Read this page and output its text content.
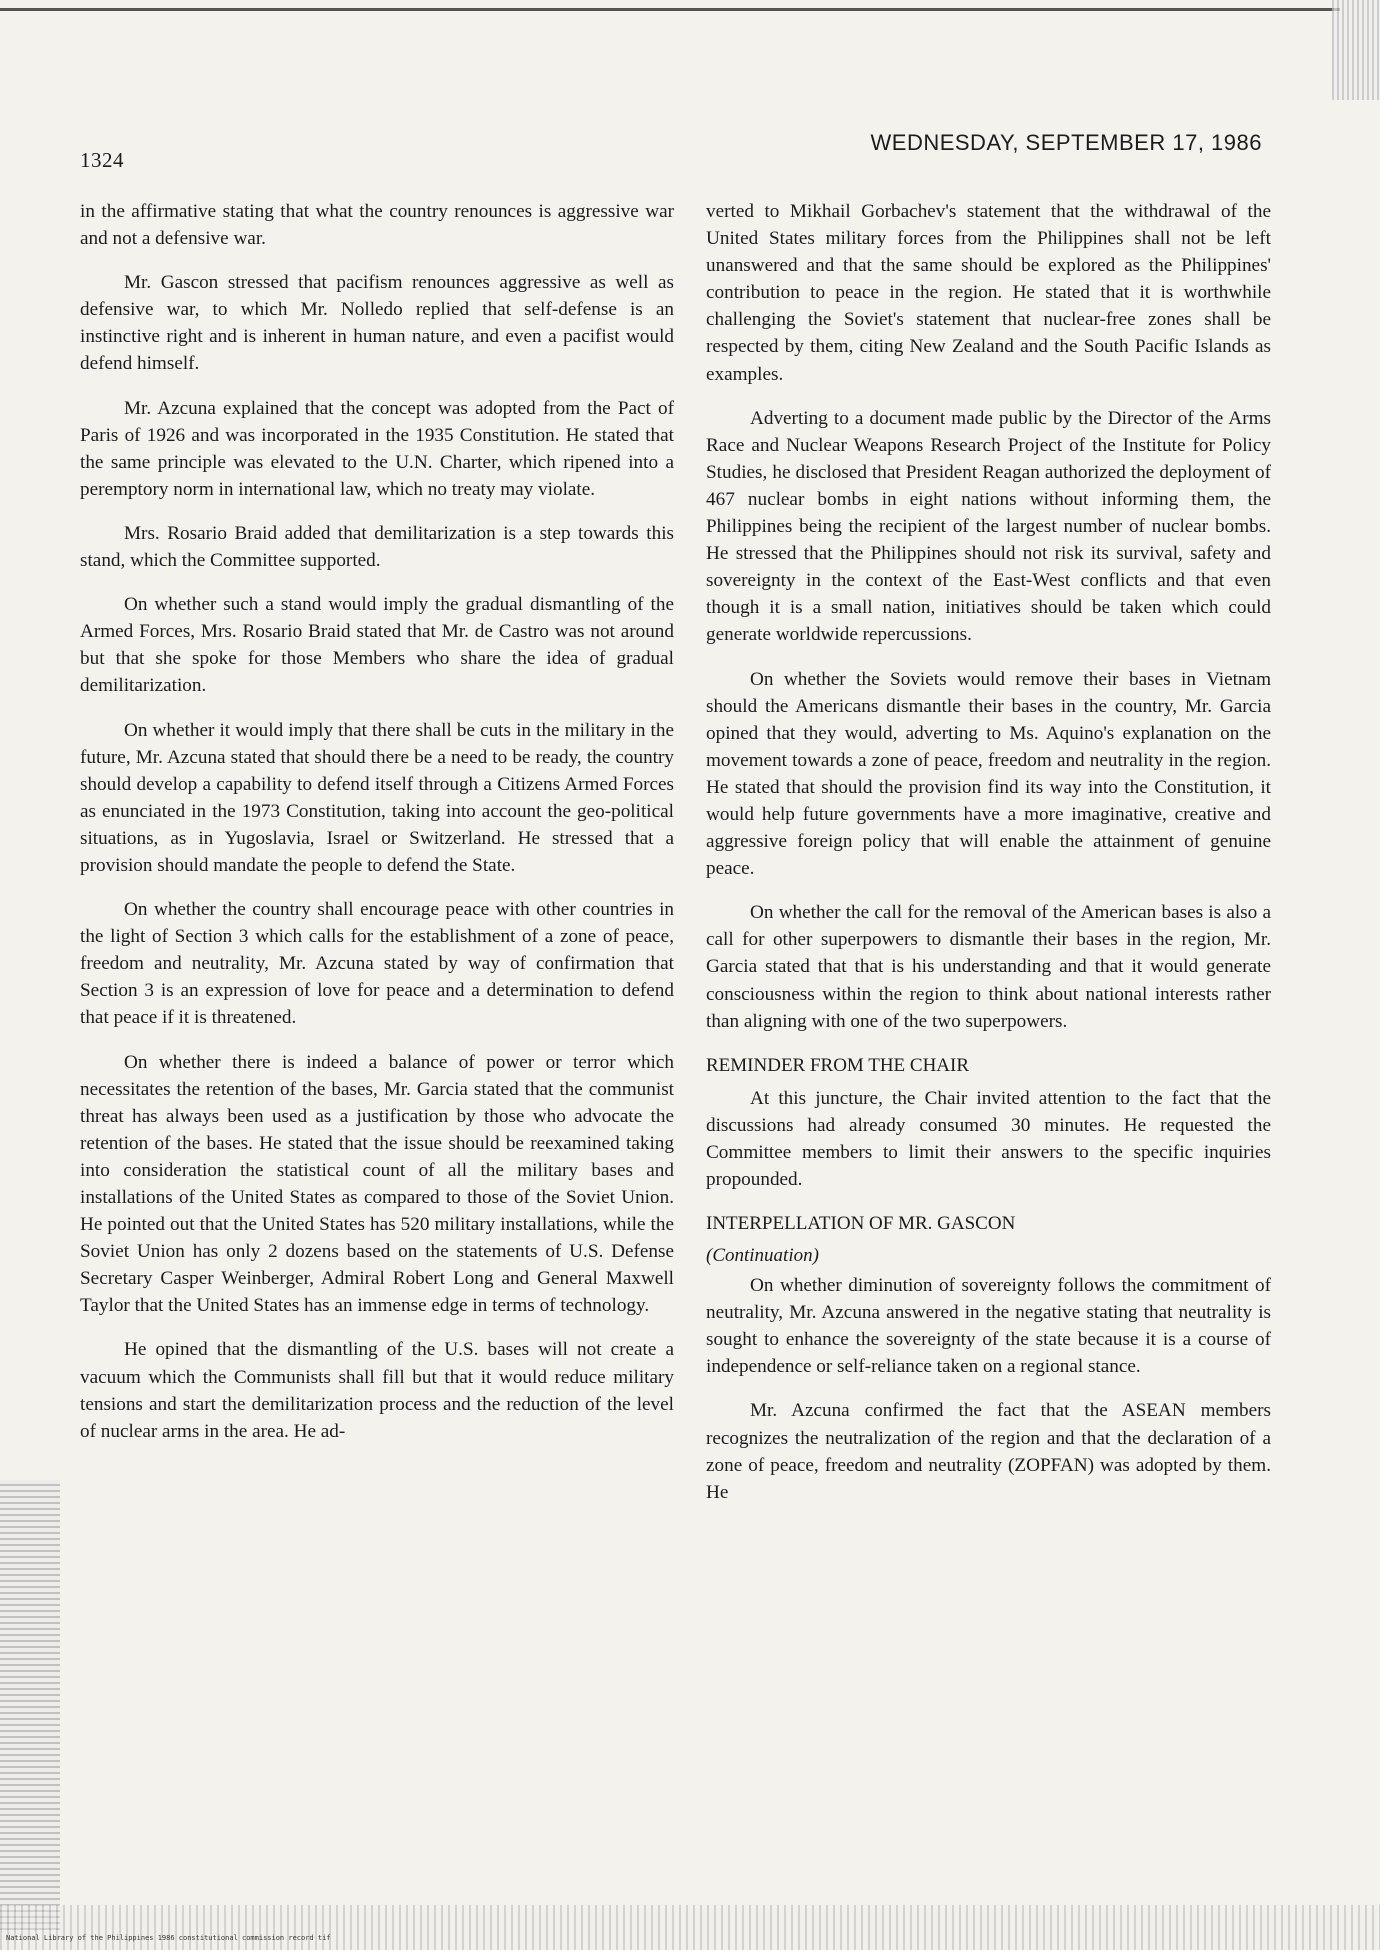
1324
WEDNESDAY, SEPTEMBER 17, 1986

in the affirmative stating that what the country renounces is aggressive war and not a defensive war.

Mr. Gascon stressed that pacifism renounces aggressive as well as defensive war, to which Mr. Nolledo replied that self-defense is an instinctive right and is inherent in human nature, and even a pacifist would defend himself.

Mr. Azcuna explained that the concept was adopted from the Pact of Paris of 1926 and was incorporated in the 1935 Constitution. He stated that the same principle was elevated to the U.N. Charter, which ripened into a peremptory norm in international law, which no treaty may violate.

Mrs. Rosario Braid added that demilitarization is a step towards this stand, which the Committee supported.

On whether such a stand would imply the gradual dismantling of the Armed Forces, Mrs. Rosario Braid stated that Mr. de Castro was not around but that she spoke for those Members who share the idea of gradual demilitarization.

On whether it would imply that there shall be cuts in the military in the future, Mr. Azcuna stated that should there be a need to be ready, the country should develop a capability to defend itself through a Citizens Armed Forces as enunciated in the 1973 Constitution, taking into account the geo-political situations, as in Yugoslavia, Israel or Switzerland. He stressed that a provision should mandate the people to defend the State.

On whether the country shall encourage peace with other countries in the light of Section 3 which calls for the establishment of a zone of peace, freedom and neutrality, Mr. Azcuna stated by way of confirmation that Section 3 is an expression of love for peace and a determination to defend that peace if it is threatened.

On whether there is indeed a balance of power or terror which necessitates the retention of the bases, Mr. Garcia stated that the communist threat has always been used as a justification by those who advocate the retention of the bases. He stated that the issue should be reexamined taking into consideration the statistical count of all the military bases and installations of the United States as compared to those of the Soviet Union. He pointed out that the United States has 520 military installations, while the Soviet Union has only 2 dozens based on the statements of U.S. Defense Secretary Casper Weinberger, Admiral Robert Long and General Maxwell Taylor that the United States has an immense edge in terms of technology.

He opined that the dismantling of the U.S. bases will not create a vacuum which the Communists shall fill but that it would reduce military tensions and start the demilitarization process and the reduction of the level of nuclear arms in the area. He ad-

verted to Mikhail Gorbachev's statement that the withdrawal of the United States military forces from the Philippines shall not be left unanswered and that the same should be explored as the Philippines' contribution to peace in the region. He stated that it is worthwhile challenging the Soviet's statement that nuclear-free zones shall be respected by them, citing New Zealand and the South Pacific Islands as examples.

Adverting to a document made public by the Director of the Arms Race and Nuclear Weapons Research Project of the Institute for Policy Studies, he disclosed that President Reagan authorized the deployment of 467 nuclear bombs in eight nations without informing them, the Philippines being the recipient of the largest number of nuclear bombs. He stressed that the Philippines should not risk its survival, safety and sovereignty in the context of the East-West conflicts and that even though it is a small nation, initiatives should be taken which could generate worldwide repercussions.

On whether the Soviets would remove their bases in Vietnam should the Americans dismantle their bases in the country, Mr. Garcia opined that they would, adverting to Ms. Aquino's explanation on the movement towards a zone of peace, freedom and neutrality in the region. He stated that should the provision find its way into the Constitution, it would help future governments have a more imaginative, creative and aggressive foreign policy that will enable the attainment of genuine peace.

On whether the call for the removal of the American bases is also a call for other superpowers to dismantle their bases in the region, Mr. Garcia stated that that is his understanding and that it would generate consciousness within the region to think about national interests rather than aligning with one of the two superpowers.

REMINDER FROM THE CHAIR

At this juncture, the Chair invited attention to the fact that the discussions had already consumed 30 minutes. He requested the Committee members to limit their answers to the specific inquiries propounded.

INTERPELLATION OF MR. GASCON
(Continuation)

On whether diminution of sovereignty follows the commitment of neutrality, Mr. Azcuna answered in the negative stating that neutrality is sought to enhance the sovereignty of the state because it is a course of independence or self-reliance taken on a regional stance.

Mr. Azcuna confirmed the fact that the ASEAN members recognizes the neutralization of the region and that the declaration of a zone of peace, freedom and neutrality (ZOPFAN) was adopted by them. He

National Library of the Philippines 1986 constitutional commission record tif
